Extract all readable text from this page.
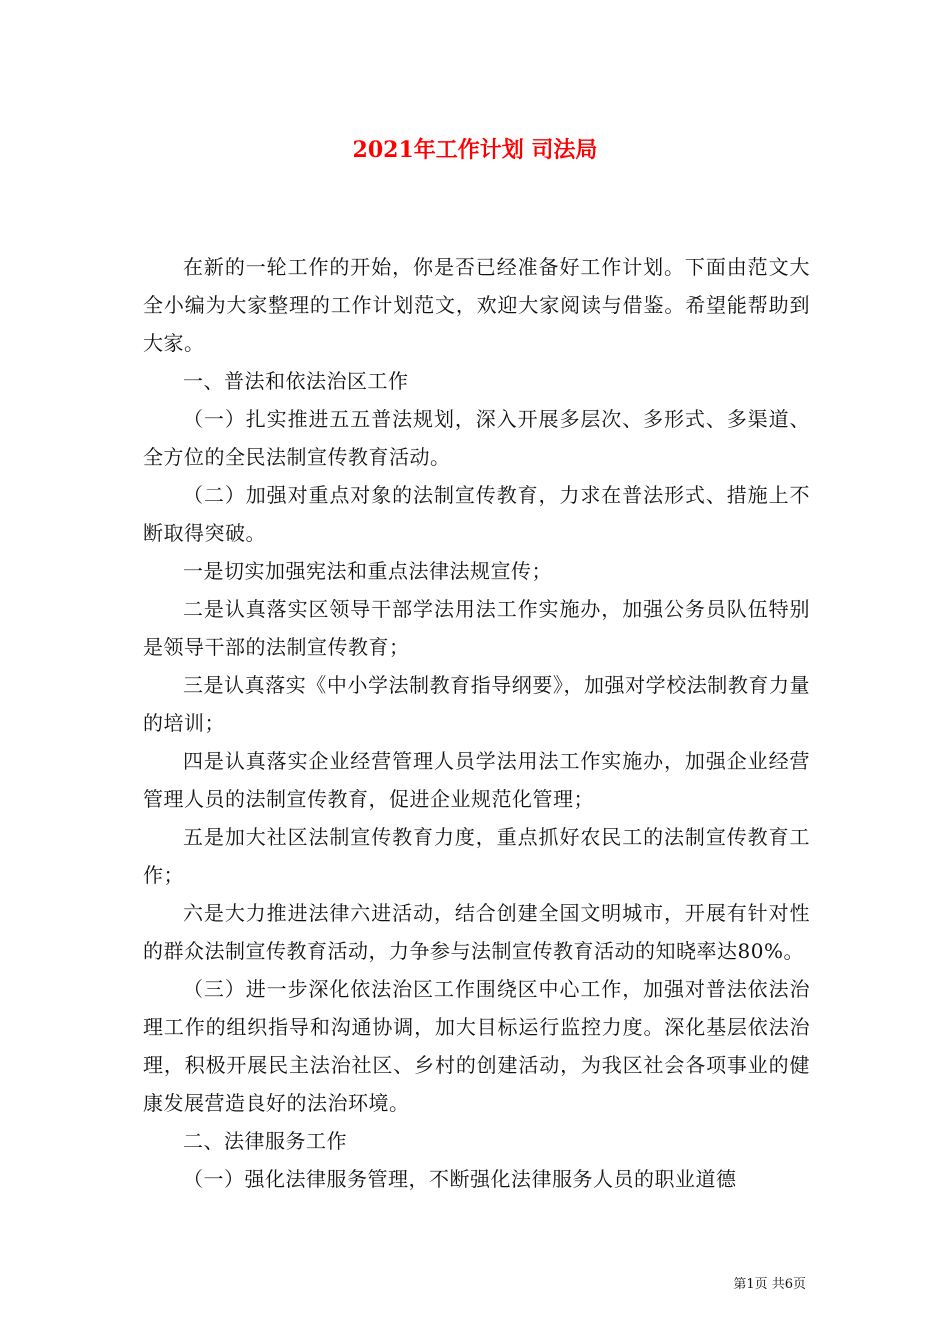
2021年工作计划 司法局

在新的一轮工作的开始，你是否已经准备好工作计划。下面由范文大全小编为大家整理的工作计划范文，欢迎大家阅读与借鉴。希望能帮助到大家。

一、普法和依法治区工作

（一）扎实推进五五普法规划，深入开展多层次、多形式、多渠道、全方位的全民法制宣传教育活动。

（二）加强对重点对象的法制宣传教育，力求在普法形式、措施上不断取得突破。

一是切实加强宪法和重点法律法规宣传；

二是认真落实区领导干部学法用法工作实施办，加强公务员队伍特别是领导干部的法制宣传教育；

三是认真落实《中小学法制教育指导纲要》，加强对学校法制教育力量的培训；

四是认真落实企业经营管理人员学法用法工作实施办，加强企业经营管理人员的法制宣传教育，促进企业规范化管理；

五是加大社区法制宣传教育力度，重点抓好农民工的法制宣传教育工作；

六是大力推进法律六进活动，结合创建全国文明城市，开展有针对性的群众法制宣传教育活动，力争参与法制宣传教育活动的知晓率达80%。

（三）进一步深化依法治区工作围绕区中心工作，加强对普法依法治理工作的组织指导和沟通协调，加大目标运行监控力度。深化基层依法治理，积极开展民主法治社区、乡村的创建活动，为我区社会各项事业的健康发展营造良好的法治环境。

二、法律服务工作

（一）强化法律服务管理，不断强化法律服务人员的职业道德

第1页 共6页
